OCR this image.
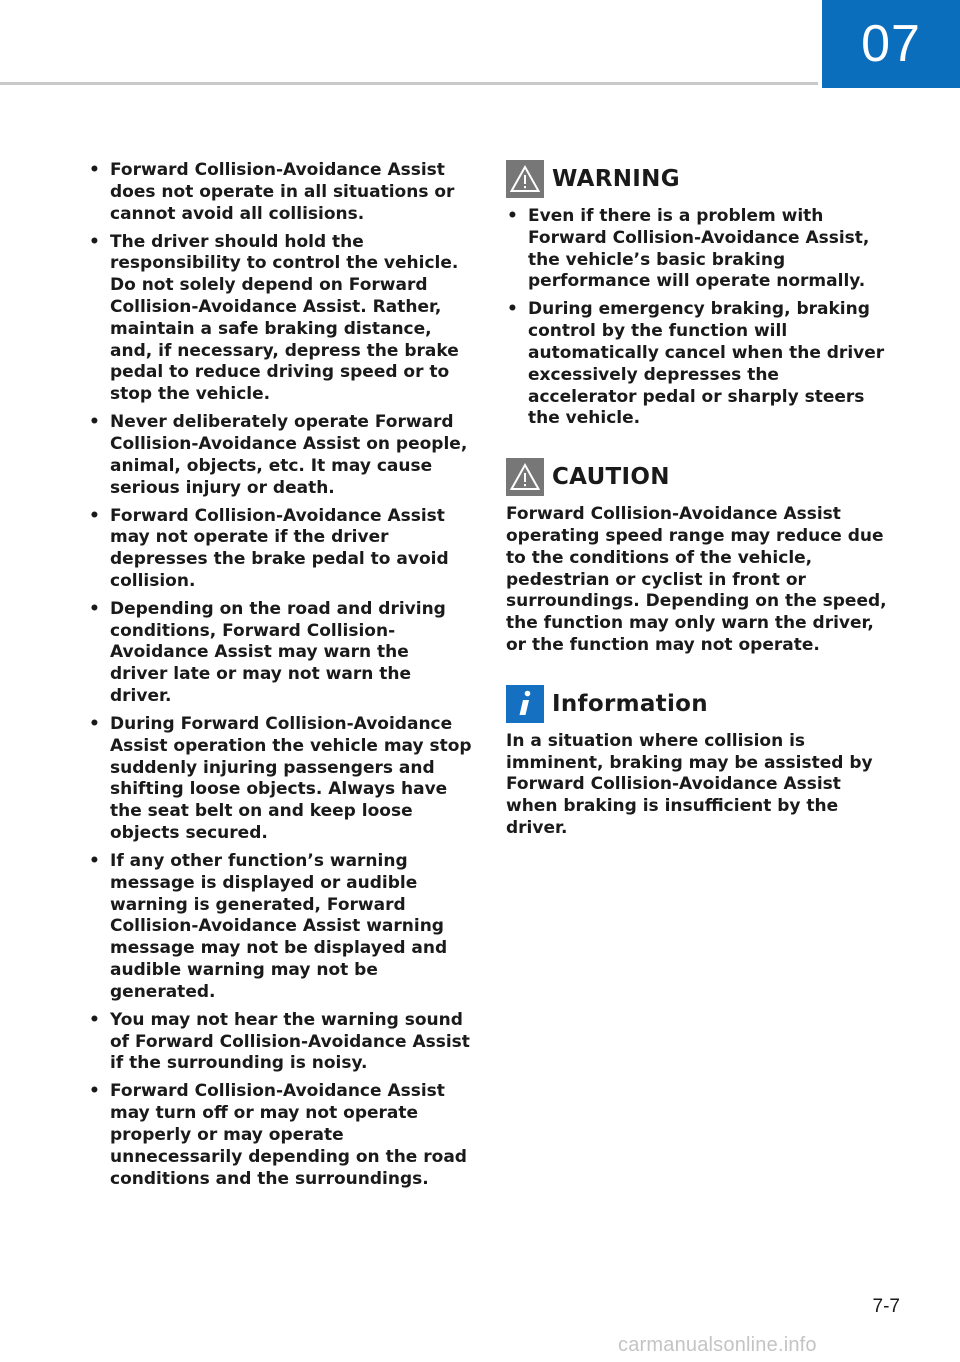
07
• Forward Collision-Avoidance Assist does not operate in all situations or cannot avoid all collisions.
• The driver should hold the responsibility to control the vehicle. Do not solely depend on Forward Collision-Avoidance Assist. Rather, maintain a safe braking distance, and, if necessary, depress the brake pedal to reduce driving speed or to stop the vehicle.
• Never deliberately operate Forward Collision-Avoidance Assist on people, animal, objects, etc. It may cause serious injury or death.
• Forward Collision-Avoidance Assist may not operate if the driver depresses the brake pedal to avoid collision.
• Depending on the road and driving conditions, Forward Collision-Avoidance Assist may warn the driver late or may not warn the driver.
• During Forward Collision-Avoidance Assist operation the vehicle may stop suddenly injuring passengers and shifting loose objects. Always have the seat belt on and keep loose objects secured.
• If any other function’s warning message is displayed or audible warning is generated, Forward Collision-Avoidance Assist warning message may not be displayed and audible warning may not be generated.
• You may not hear the warning sound of Forward Collision-Avoidance Assist if the surrounding is noisy.
• Forward Collision-Avoidance Assist may turn off or may not operate properly or may operate unnecessarily depending on the road conditions and the surroundings.
WARNING
• Even if there is a problem with Forward Collision-Avoidance Assist, the vehicle’s basic braking performance will operate normally.
• During emergency braking, braking control by the function will automatically cancel when the driver excessively depresses the accelerator pedal or sharply steers the vehicle.
CAUTION
Forward Collision-Avoidance Assist operating speed range may reduce due to the conditions of the vehicle, pedestrian or cyclist in front or surroundings. Depending on the speed, the function may only warn the driver, or the function may not operate.
Information
In a situation where collision is imminent, braking may be assisted by Forward Collision-Avoidance Assist when braking is insufficient by the driver.
7-7
carmanualsonline.info
